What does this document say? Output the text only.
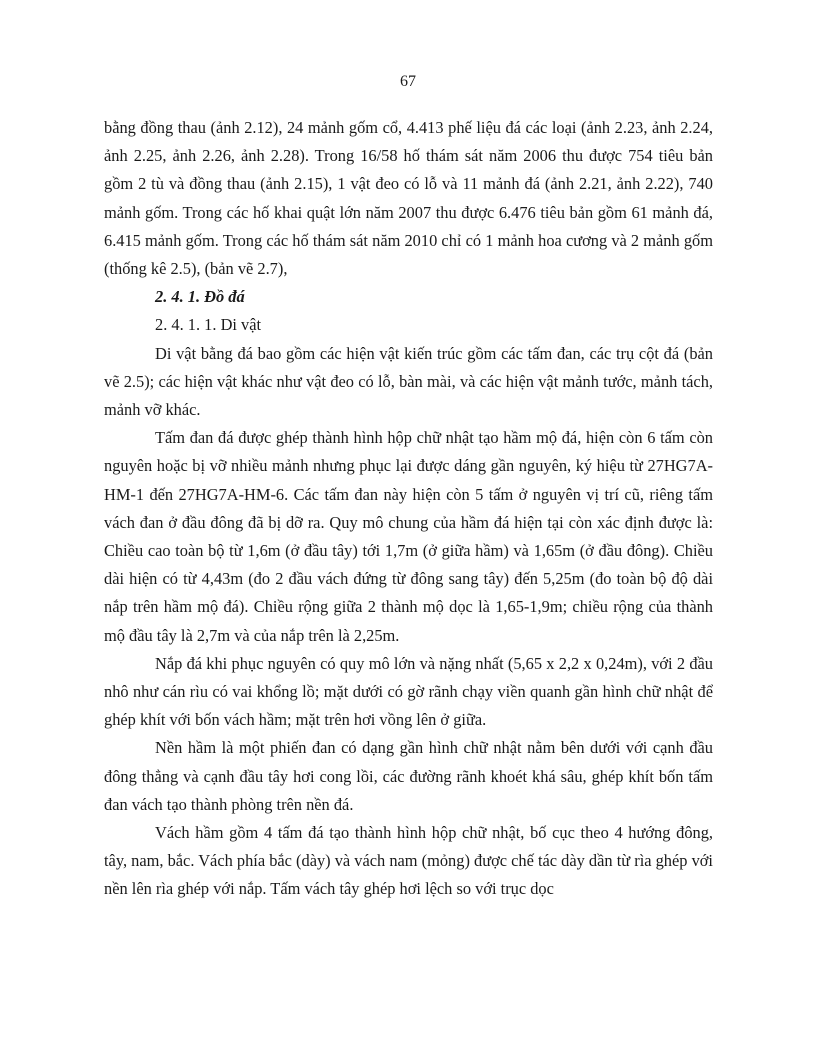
67

bằng đồng thau (ảnh 2.12), 24 mảnh gốm cổ, 4.413 phế liệu đá các loại (ảnh 2.23, ảnh 2.24, ảnh 2.25, ảnh 2.26, ảnh 2.28). Trong 16/58 hố thám sát năm 2006 thu được 754 tiêu bản gồm 2 tù và đồng thau (ảnh 2.15), 1 vật đeo có lỗ và 11 mảnh đá (ảnh 2.21, ảnh 2.22), 740 mảnh gốm. Trong các hố khai quật lớn năm 2007 thu được 6.476 tiêu bản gồm 61 mảnh đá, 6.415 mảnh gốm. Trong các hố thám sát năm 2010 chỉ có 1 mảnh hoa cương và 2 mảnh gốm (thống kê 2.5), (bản vẽ 2.7),

2. 4. 1. Đồ đá

2. 4. 1. 1. Di vật

Di vật bằng đá bao gồm các hiện vật kiến trúc gồm các tấm đan, các trụ cột đá (bản vẽ 2.5); các hiện vật khác như vật đeo có lỗ, bàn mài, và các hiện vật mảnh tước, mảnh tách, mảnh vỡ khác.

Tấm đan đá được ghép thành hình hộp chữ nhật tạo hầm mộ đá, hiện còn 6 tấm còn nguyên hoặc bị vỡ nhiều mảnh nhưng phục lại được dáng gần nguyên, ký hiệu từ 27HG7A-HM-1 đến 27HG7A-HM-6. Các tấm đan này hiện còn 5 tấm ở nguyên vị trí cũ, riêng tấm vách đan ở đầu đông đã bị dỡ ra. Quy mô chung của hầm đá hiện tại còn xác định được là: Chiều cao toàn bộ từ 1,6m (ở đầu tây) tới 1,7m (ở giữa hầm) và 1,65m (ở đầu đông). Chiều dài hiện có từ 4,43m (đo 2 đầu vách đứng từ đông sang tây) đến 5,25m (đo toàn bộ độ dài nắp trên hầm mộ đá). Chiều rộng giữa 2 thành mộ dọc là 1,65-1,9m; chiều rộng của thành mộ đầu tây là 2,7m và của nắp trên là 2,25m.

Nắp đá khi phục nguyên có quy mô lớn và nặng nhất (5,65 x 2,2 x 0,24m), với 2 đầu nhô như cán rìu có vai khổng lồ; mặt dưới có gờ rãnh chạy viền quanh gần hình chữ nhật để ghép khít với bốn vách hầm; mặt trên hơi vồng lên ở giữa.

Nền hầm là một phiến đan có dạng gần hình chữ nhật nằm bên dưới với cạnh đầu đông thẳng và cạnh đầu tây hơi cong lồi, các đường rãnh khoét khá sâu, ghép khít bốn tấm đan vách tạo thành phòng trên nền đá.

Vách hầm gồm 4 tấm đá tạo thành hình hộp chữ nhật, bố cục theo 4 hướng đông, tây, nam, bắc. Vách phía bắc (dày) và vách nam (mỏng) được chế tác dày dần từ rìa ghép với nền lên rìa ghép với nắp. Tấm vách tây ghép hơi lệch so với trục dọc
